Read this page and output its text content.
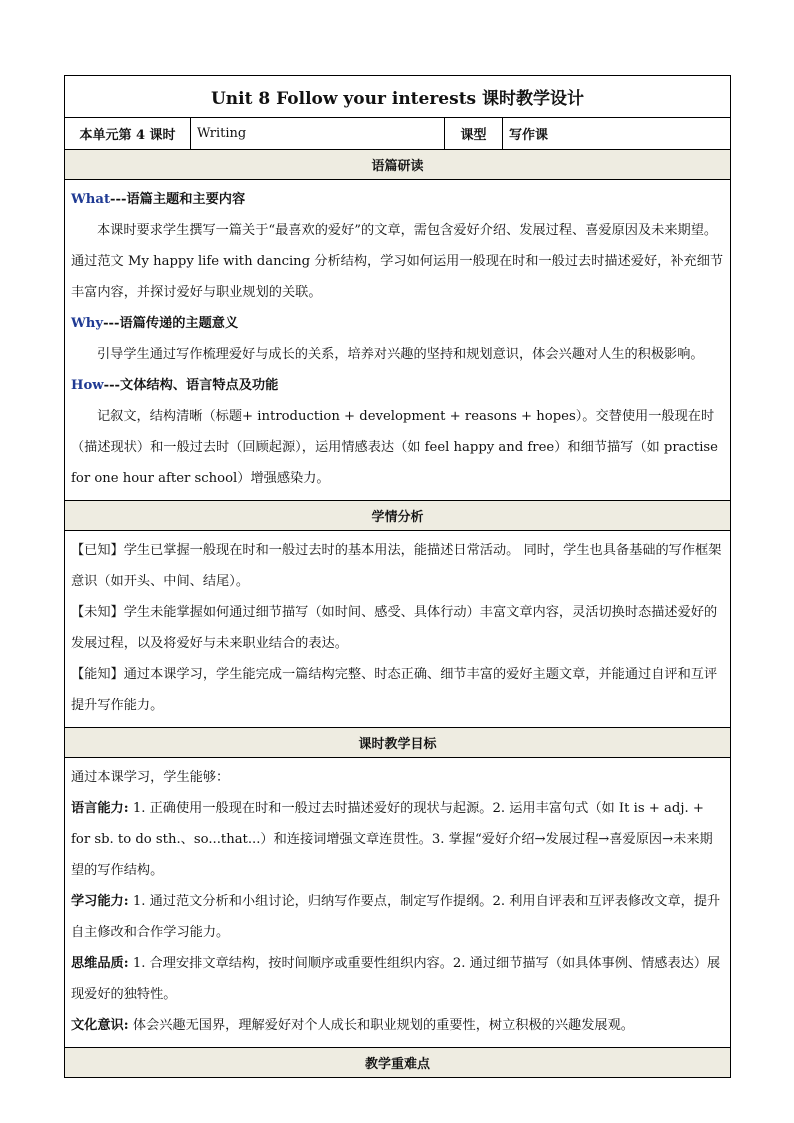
Unit 8 Follow your interests 课时教学设计
本单元第 4 课时	Writing	课型	写作课
语篇研读

What---语篇主题和主要内容

本课时要求学生撰写一篇关于“最喜欢的爱好”的文章，需包含爱好介绍、发展过程、喜爱原因及未来期望。通过范文 My happy life with dancing 分析结构，学习如何运用一般现在时和一般过去时描述爱好，补充细节丰富内容，并探讨爱好与职业规划的关联。

Why---语篇传递的主题意义

引导学生通过写作梳理爱好与成长的关系，培养对兴趣的坚持和规划意识，体会兴趣对人生的积极影响。

How---文体结构、语言特点及功能

记叙文，结构清晰（标题+ introduction + development + reasons + hopes）。交替使用一般现在时（描述现状）和一般过去时（回顾起源），运用情感表达（如 feel happy and free）和细节描写（如 practise for one hour after school）增强感染力。

学情分析

【已知】学生已掌握一般现在时和一般过去时的基本用法，能描述日常活动。 同时，学生也具备基础的写作框架意识（如开头、中间、结尾）。

【未知】学生未能掌握如何通过细节描写（如时间、感受、具体行动）丰富文章内容，灵活切换时态描述爱好的发展过程，以及将爱好与未来职业结合的表达。

【能知】通过本课学习，学生能完成一篇结构完整、时态正确、细节丰富的爱好主题文章，并能通过自评和互评提升写作能力。

课时教学目标

通过本课学习，学生能够：

语言能力: 1. 正确使用一般现在时和一般过去时描述爱好的现状与起源。2. 运用丰富句式（如 It is + adj. + for sb. to do sth.、so...that...）和连接词增强文章连贯性。3. 掌握“爱好介绍→发展过程→喜爱原因→未来期望的写作结构。

学习能力: 1. 通过范文分析和小组讨论，归纳写作要点，制定写作提纲。2. 利用自评表和互评表修改文章，提升自主修改和合作学习能力。

思维品质: 1. 合理安排文章结构，按时间顺序或重要性组织内容。2. 通过细节描写（如具体事例、情感表达）展现爱好的独特性。

文化意识: 体会兴趣无国界，理解爱好对个人成长和职业规划的重要性，树立积极的兴趣发展观。

教学重难点
